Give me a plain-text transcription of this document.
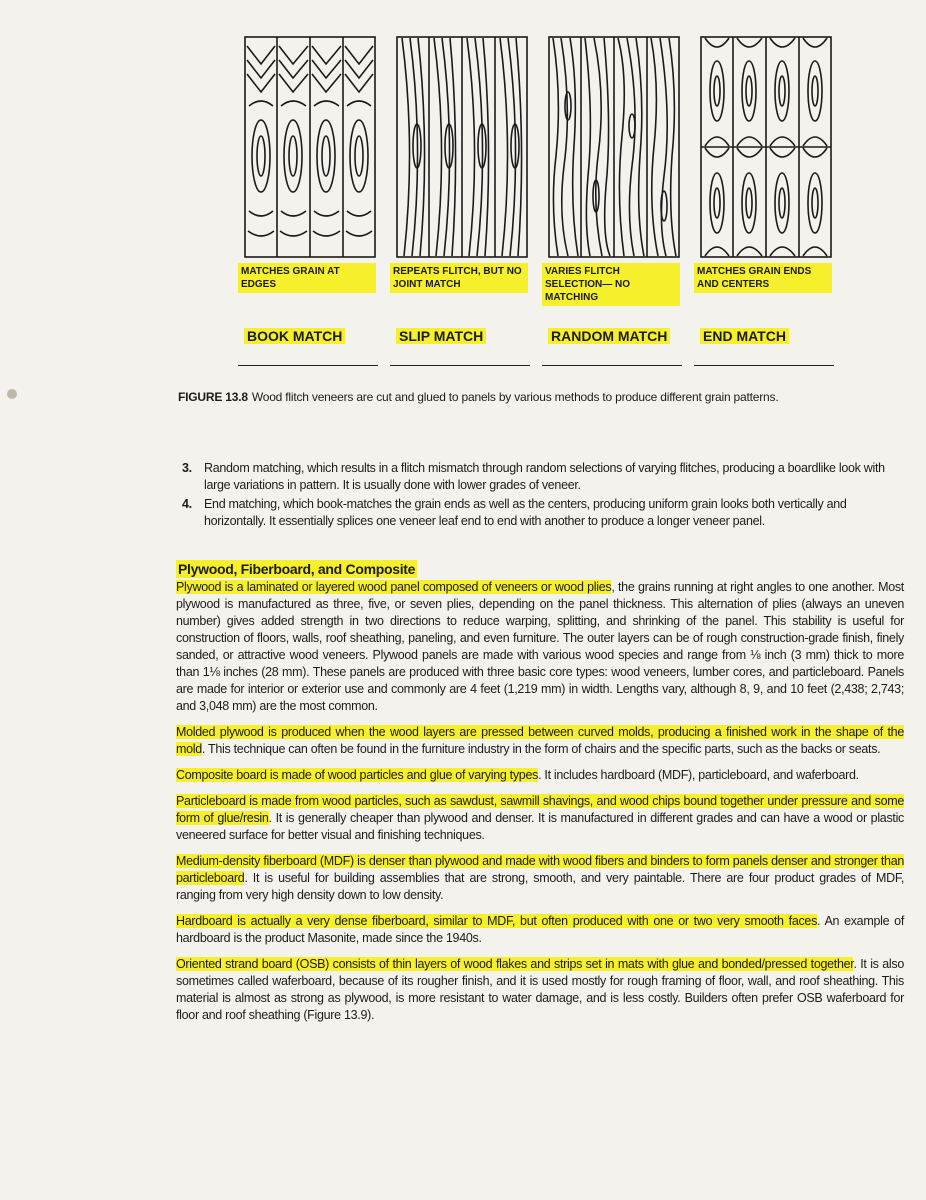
MATCHES GRAIN AT EDGES
BOOK MATCH
REPEATS FLITCH, BUT NO JOINT MATCH
SLIP MATCH
VARIES FLITCH SELECTION— NO MATCHING
RANDOM MATCH
MATCHES GRAIN ENDS AND CENTERS
END MATCH
FIGURE 13.8 Wood flitch veneers are cut and glued to panels by various methods to produce different grain patterns.
3. Random matching, which results in a flitch mismatch through random selections of varying flitches, producing a boardlike look with large variations in pattern. It is usually done with lower grades of veneer.
4. End matching, which book-matches the grain ends as well as the centers, producing uniform grain looks both vertically and horizontally. It essentially splices one veneer leaf end to end with another to produce a longer veneer panel.
Plywood, Fiberboard, and Composite

Plywood is a laminated or layered wood panel composed of veneers or wood plies, the grains running at right angles to one another. Most plywood is manufactured as three, five, or seven plies, depending on the panel thickness. This alternation of plies (always an uneven number) gives added strength in two directions to reduce warping, splitting, and shrinking of the panel. This stability is useful for construction of floors, walls, roof sheathing, paneling, and even furniture. The outer layers can be of rough construction-grade finish, finely sanded, or attractive wood veneers. Plywood panels are made with various wood species and range from ⅛ inch (3 mm) thick to more than 1⅛ inches (28 mm). These panels are produced with three basic core types: wood veneers, lumber cores, and particleboard. Panels are made for interior or exterior use and commonly are 4 feet (1,219 mm) in width. Lengths vary, although 8, 9, and 10 feet (2,438; 2,743; and 3,048 mm) are the most common.

Molded plywood is produced when the wood layers are pressed between curved molds, producing a finished work in the shape of the mold. This technique can often be found in the furniture industry in the form of chairs and the specific parts, such as the backs or seats.

Composite board is made of wood particles and glue of varying types. It includes hardboard (MDF), particleboard, and waferboard.

Particleboard is made from wood particles, such as sawdust, sawmill shavings, and wood chips bound together under pressure and some form of glue/resin. It is generally cheaper than plywood and denser. It is manufactured in different grades and can have a wood or plastic veneered surface for better visual and finishing techniques.

Medium-density fiberboard (MDF) is denser than plywood and made with wood fibers and binders to form panels denser and stronger than particleboard. It is useful for building assemblies that are strong, smooth, and very paintable. There are four product grades of MDF, ranging from very high density down to low density.

Hardboard is actually a very dense fiberboard, similar to MDF, but often produced with one or two very smooth faces. An example of hardboard is the product Masonite, made since the 1940s.

Oriented strand board (OSB) consists of thin layers of wood flakes and strips set in mats with glue and bonded/pressed together. It is also sometimes called waferboard, because of its rougher finish, and it is used mostly for rough framing of floor, wall, and roof sheathing. This material is almost as strong as plywood, is more resistant to water damage, and is less costly. Builders often prefer OSB waferboard for floor and roof sheathing (Figure 13.9).
